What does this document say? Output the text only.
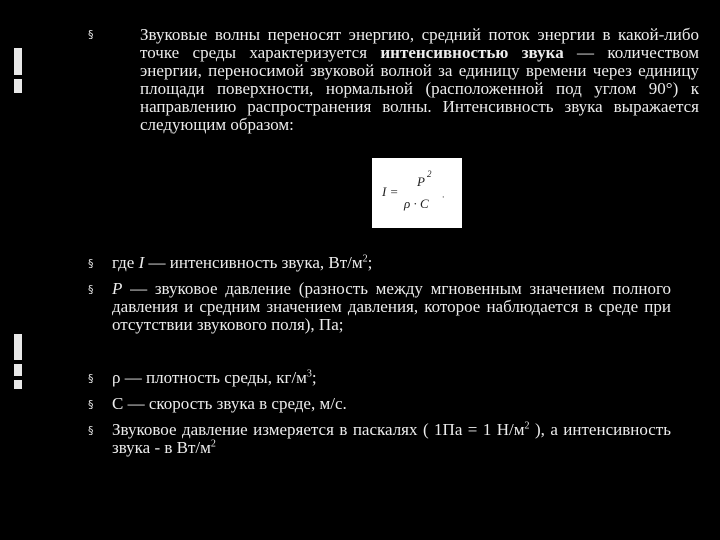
§
§
§
§
§
§
Звуковые волны переносят энергию, средний поток энергии в какой-либо точке среды характеризуется интенсивностью звука — количеством энергии, переносимой звуковой волной за единицу времени через единицу площади поверхности, нормальной (расположенной под углом 90°) к направлению распространения волны. Интенсивность звука выражается следующим образом:
I =
P 2
ρ · C ·
где I — интенсивность звука, $Вт/м^2$;
P — звуковое давление (разность между мгновенным значением полного давления и средним значением давления, которое наблюдается в среде при отсутствии звукового поля), Па;
ρ — плотность среды, $кг/м^3$;
С — скорость звука в среде, м/с.
Звуковое давление измеряется в паскалях ( 1Па = 1 $Н/м^2$ ), а интенсивность звука - в $Вт/м^2$
